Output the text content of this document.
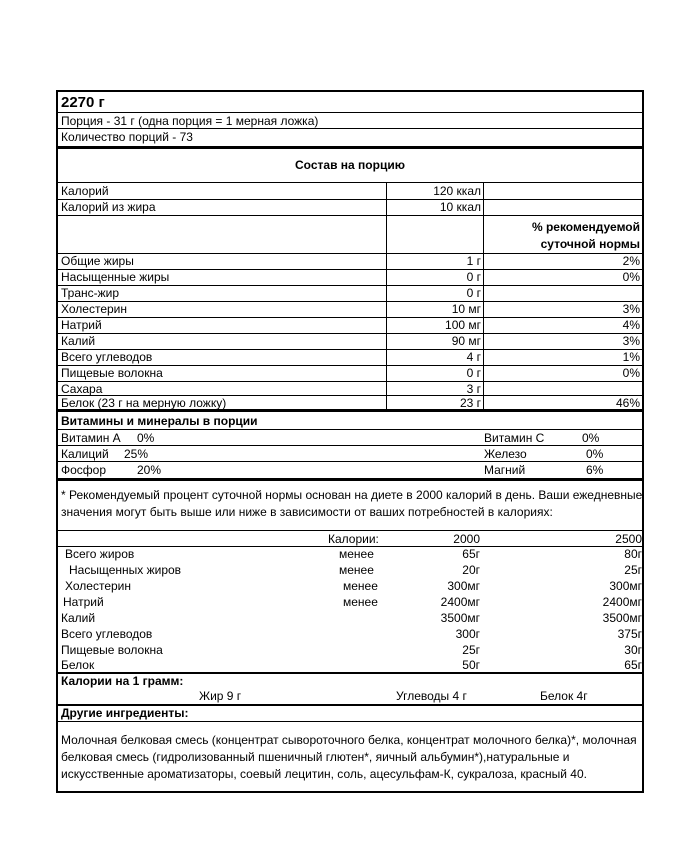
2270 г
Порция - 31 г (одна порция = 1 мерная ложка)
Количество порций - 73
Состав на порцию
Калорий	120 ккал
Калорий из жира	10 ккал
% рекомендуемой
суточной нормы
Общие жиры	1 г	2%
Насыщенные жиры	0 г	0%
Транс-жир	0 г
Холестерин	10 мг	3%
Натрий	100 мг	4%
Калий	90 мг	3%
Всего углеводов	4 г	1%
Пищевые волокна	0 г	0%
Сахара	3 г
Белок (23 г на мерную ложку)	23 г	46%
Витамины и минералы в порции
Витамин А 0%	Витамин С	0%
Калиций 25%	Железо	0%
Фосфор	20%	Магний	6%
* Рекомендуемый процент суточной нормы основан на диете в 2000 калорий в день. Ваши ежедневные значения могут быть выше или ниже в зависимости от ваших потребностей в калориях:
Калории:	2000	2500
Всего жиров	менее	65г	80г
Насыщенных жиров	менее	20г	25г
Холестерин	менее	300мг	300мг
Натрий	менее	2400мг	2400мг
Калий	3500мг	3500мг
Всего углеводов	300г	375г
Пищевые волокна	25г	30г
Белок	50г	65г
Калории на 1 грамм:
Жир 9 г	Углеводы 4 г	Белок 4г
Другие ингредиенты:
Молочная белковая смесь (концентрат сывороточного белка, концентрат молочного белка)*, молочная белковая смесь (гидролизованный пшеничный глютен*, яичный альбумин*),натуральные и искусственные ароматизаторы, соевый лецитин, соль, ацесульфам-К, сукралоза, красный 40.
